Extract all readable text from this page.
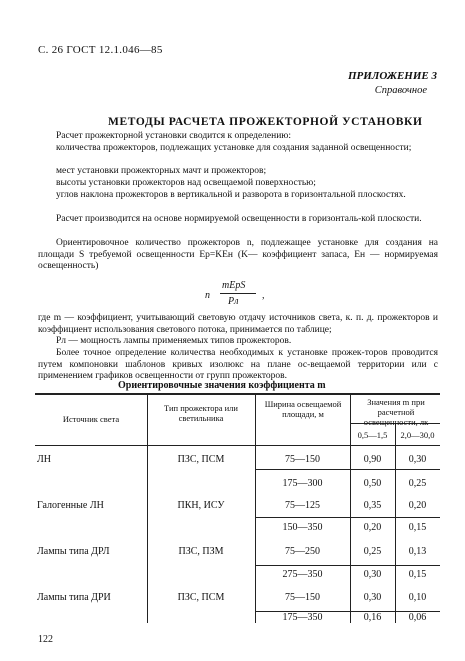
С. 26 ГОСТ 12.1.046—85
ПРИЛОЖЕНИЕ 3
Справочное
МЕТОДЫ РАСЧЕТА ПРОЖЕКТОРНОЙ УСТАНОВКИ
Расчет прожекторной установки сводится к определению:
количества прожекторов, подлежащих установке для создания заданной освещенности;
мест установки прожекторных мачт и прожекторов;
высоты установки прожекторов над освещаемой поверхностью;
углов наклона прожекторов в вертикальной и разворота в горизонтальной плоскостях.
Расчет производится на основе нормируемой освещенности в горизонталь-кой плоскости.
Ориентировочное количество прожекторов n, подлежащее установке для создания на площади S требуемой освещенности Eр=KEн (K— коэффициент запаса, Eн — нормируемая освещенность)
n
mEрS
Pл
,
где m — коэффициент, учитывающий световую отдачу источников света, к. п. д. прожекторов и коэффициент использования светового потока, принимается по таблице;
Pл — мощность лампы применяемых типов прожекторов.
Более точное определение количества необходимых к установке прожек-торов проводится путем компоновки шаблонов кривых изолюкс на плане ос-вещаемой территории или с применением графиков освещенности от групп прожекторов.
Ориентировочные значения коэффициента m
Источник света
Тип прожектора или светильника
Ширина освещаемой площади, м
Значения m при расчетной освещенности, лк
0,5—1,5	2,0—30,0
ЛН	ПЗС, ПСМ	75—150	0,90	0,30
175—300	0,50	0,25
Галогенные ЛН	ПКН, ИСУ	75—125	0,35	0,20
150—350	0,20	0,15
Лампы типа ДРЛ	ПЗС, ПЗМ	75—250	0,25	0,13
275—350	0,30	0,15
Лампы типа ДРИ	ПЗС, ПСМ	75—150	0,30	0,10
175—350	0,16	0,06
122
